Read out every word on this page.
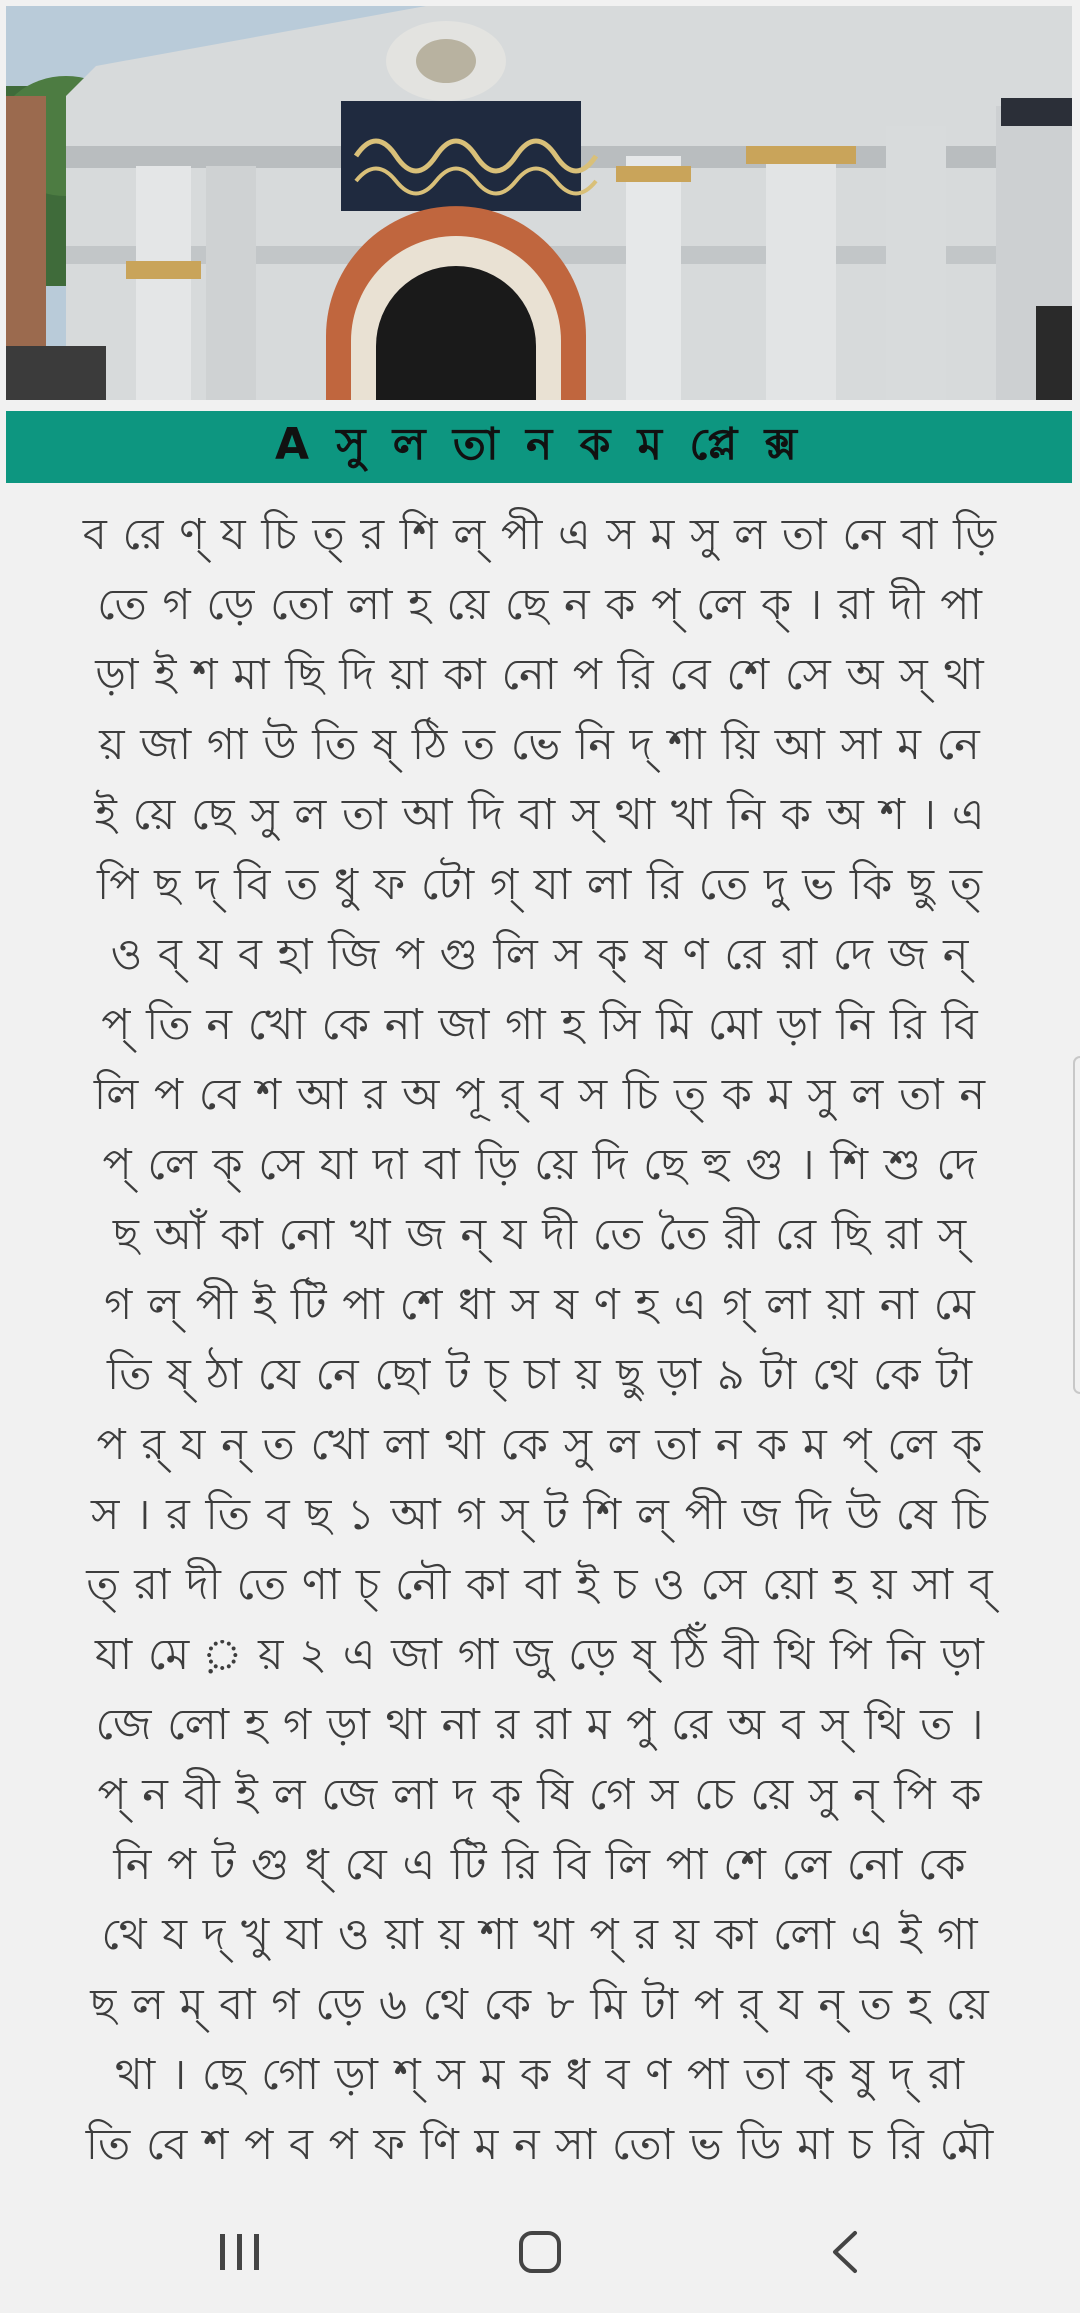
A সু ল তা ন ক ম প্লে ক্স
ব রে ণ্ য চি ত্ র শি ল্ পী এ স ম সু ল তা নে বা ড়ি
তে গ ড়ে তো লা হ য়ে ছে ন ক প্ লে ক্ । রা দী পা
ড়া ই শ মা ছি দি য়া কা নো প রি বে শে সে অ স্ থা
য় জা গা উ তি ষ্ ঠি ত ভে নি দ্ শা য়ি আ সা ম নে
ই য়ে ছে সু ল তা আ দি বা স্ থা খা নি ক অ শ । এ
পি ছ দ্ বি ত ধু ফ টো গ্ যা লা রি তে দু ভ কি ছু ত্
ও ব্ য ব হা জি প গু লি স ক্ ষ ণ রে রা দে জ ন্
প্ তি ন খো কে না জা গা হ সি মি মো ড়া নি রি বি
লি প বে শ আ র অ পূ র্ ব স চি ত্ ক ম সু ল তা ন
প্ লে ক্ সে যা দা বা ড়ি য়ে দি ছে হু গু । শি শু দে
ছ আঁ কা নো খা জ ন্ য দী তে তৈ রী রে ছি রা স্
গ ল্ পী ই টি পা শে ধা স ষ ণ হ এ গ্ লা য়া না মে
তি ষ্ ঠা যে নে ছো ট চ্ চা য় ছু ড়া ৯ টা থে কে টা
প র্ য ন্ ত খো লা থা কে সু ল তা ন ক ম প্ লে ক্
স । র তি ব ছ ১ আ গ স্ ট শি ল্ পী জ দি উ ষে চি
ত্ রা দী তে ণা চ্ নৌ কা বা ই চ ও সে য়ো হ য় সা ব্
যা মে ় য় ২ এ জা গা জু ড়ে ষ্ ঠিঁ বী থি পি নি ড়া
জে লো হ গ ড়া থা না র রা ম পু রে অ ব স্ থি ত ।
প্ ন বী ই ল জে লা দ ক্ ষি গে স চে য়ে সু ন্ পি ক
নি প ট গু ধ্ যে এ টি রি বি লি পা শে লে নো কে
থে য দ্ খু যা ও য়া য় শা খা প্ র য় কা লো এ ই গা
ছ ল ম্ বা গ ড়ে ৬ থে কে ৮ মি টা প র্ য ন্ ত হ য়ে
থা । ছে গো ড়া শ্ স ম ক ধ ব ণ পা তা ক্ ষু দ্ রা
তি বে শ প ব প ফ ণি ম ন সা তো ভ ডি মা চ রি মৌ
